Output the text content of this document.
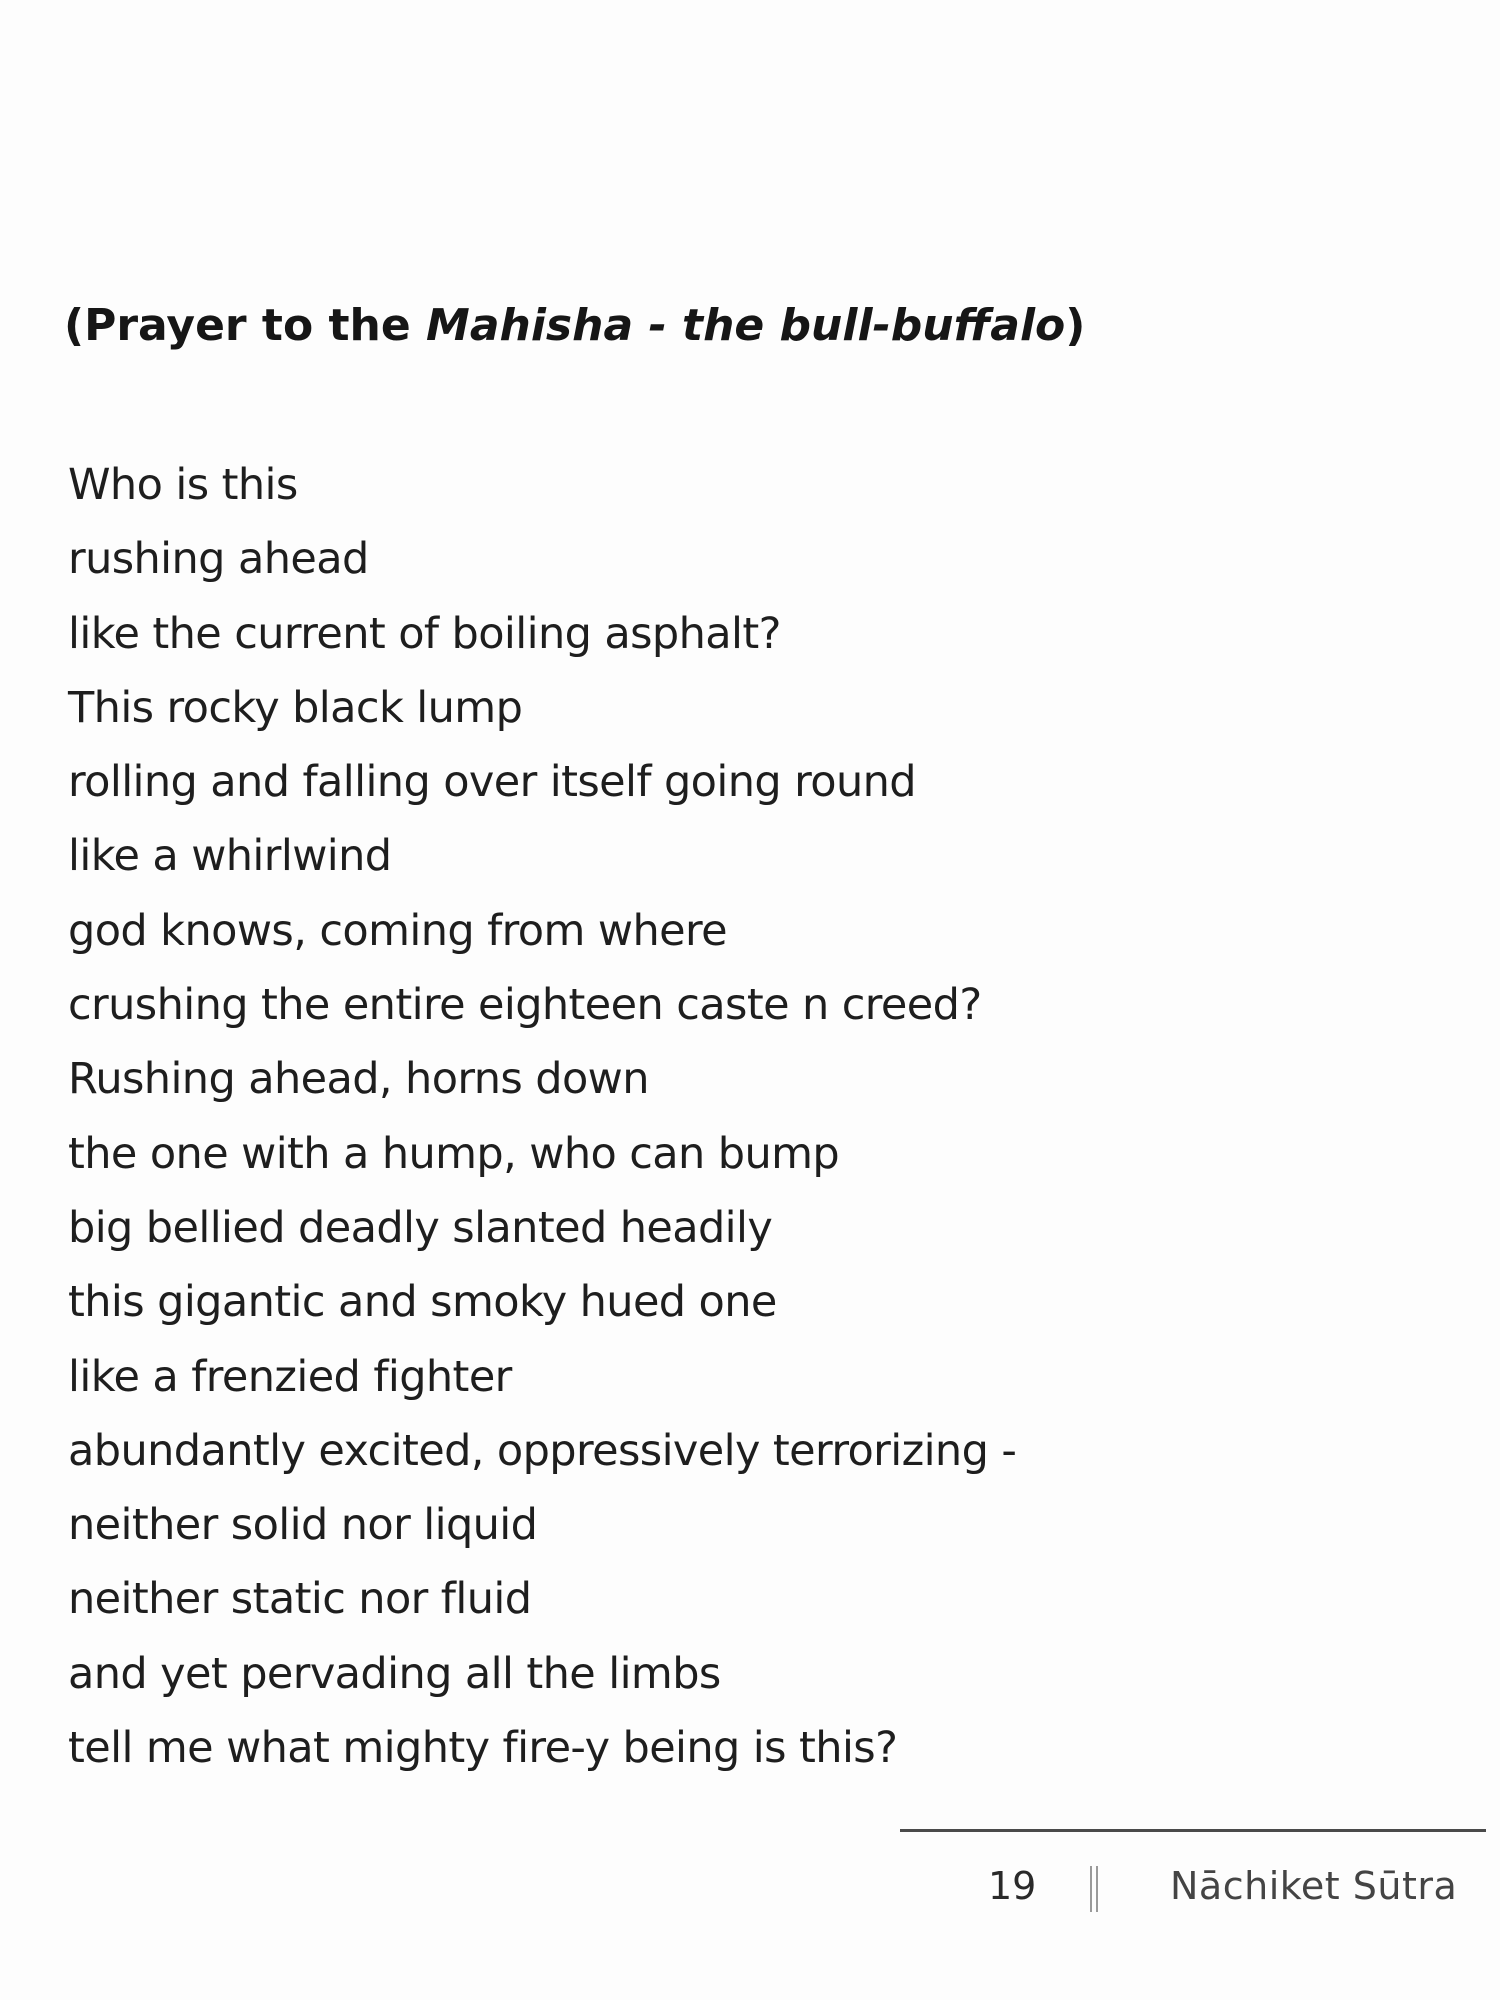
(Prayer to the Mahisha - the bull-buffalo)
Who is this
rushing ahead
like the current of boiling asphalt?
This rocky black lump
rolling and falling over itself going round
like a whirlwind
god knows, coming from where
crushing the entire eighteen caste n creed?
Rushing ahead, horns down
the one with a hump, who can bump
big bellied deadly slanted headily
this gigantic and smoky hued one
like a frenzied fighter
abundantly excited, oppressively terrorizing -
neither solid nor liquid
neither static nor fluid
and yet pervading all the limbs
tell me what mighty fire-y being is this?
19	Nāchiket Sūtra
